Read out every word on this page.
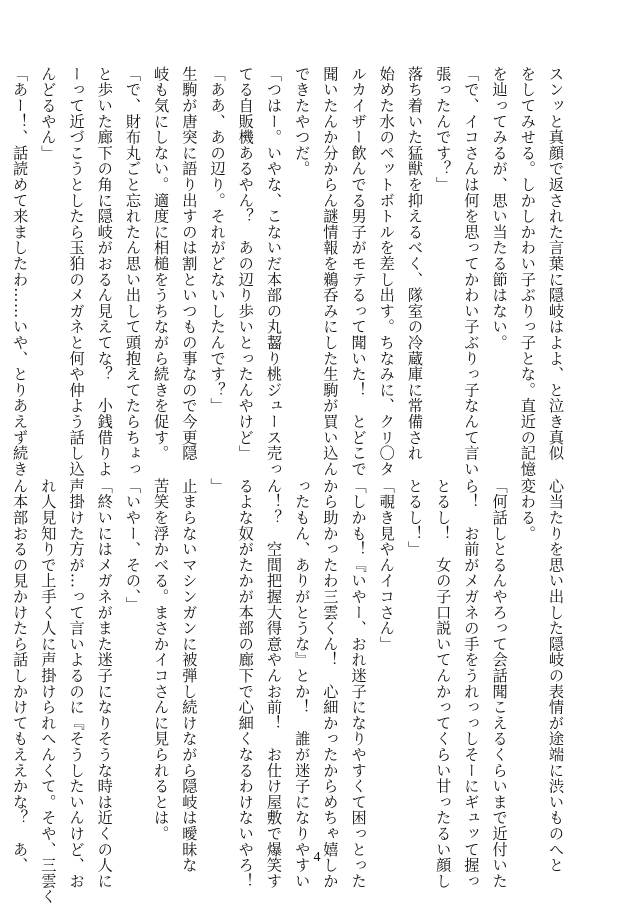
スンッと真顔で返された言葉に隠岐はよよ、と泣き真似
をしてみせる。しかしかわい子ぶりっ子とな。直近の記憶
を辿ってみるが、思い当たる節はない。
「で、イコさんは何を思ってかわい子ぶりっ子なんて言い
張ったんです？」
落ち着いた猛獣を抑えるべく、隊室の冷蔵庫に常備され
始めた水のペットボトルを差し出す。ちなみに、クリ〇タ
ルカイザー飲んでる男子がモテるって聞いた！　とどこで
聞いたんか分からん謎情報を鵜呑みにした生駒が買い込ん
できたやつだ。
「つはー。いやな、こないだ本部の丸齧り桃ジュース売っ
てる自販機あるやん？　あの辺り歩いとったんやけど」
「ああ、あの辺り。それがどないしたんです？」
生駒が唐突に語り出すのは割といつもの事なので今更隠
岐も気にしない。適度に相槌をうちながら続きを促す。
「で、財布丸ごと忘れたん思い出して頭抱えてたらちょっ
と歩いた廊下の角に隠岐がおるん見えてな？　小銭借りよ
ーって近づこうとしたら玉狛のメガネと何や仲よう話し込
んどるやん」
「あー！、話読めて来ましたわ……いや、とりあえず続き
心当たりを思い出した隠岐の表情が途端に渋いものへと
変わる。
「何話しとるんやろって会話聞こえるくらいまで近付いた
ら！　お前がメガネの手をうれっっしそーにギュッて握っ
とるし！　女の子口説いてんかってくらい甘ったるい顔し
とるし！」
「覗き見やんイコさん」
「しかも！『いやー、おれ迷子になりやすくて困っとった
から助かったわ三雲くん！　心細かったからめちゃ嬉しか
ったもん、ありがとうな』とか！　誰が迷子になりやすい
ん！？　空間把握大得意やんお前！　お仕け屋敷で爆笑す
るよな奴がたかが本部の廊下で心細くなるわけないやろ！
」
止まらないマシンガンに被弾し続けながら隠岐は曖昧な
苦笑を浮かべる。まさかイコさんに見られるとは。
「いやー、その、」
「終いにはメガネがまた迷子になりそうな時は近くの人に
声掛けた方が…って言いよるのに『そうしたいんけど、お
れ人見知りで上手く人に声掛けられへんくて。そや、三雲く
ん本部おるの見かけたら話しかけてもええかな？　あ、	4
